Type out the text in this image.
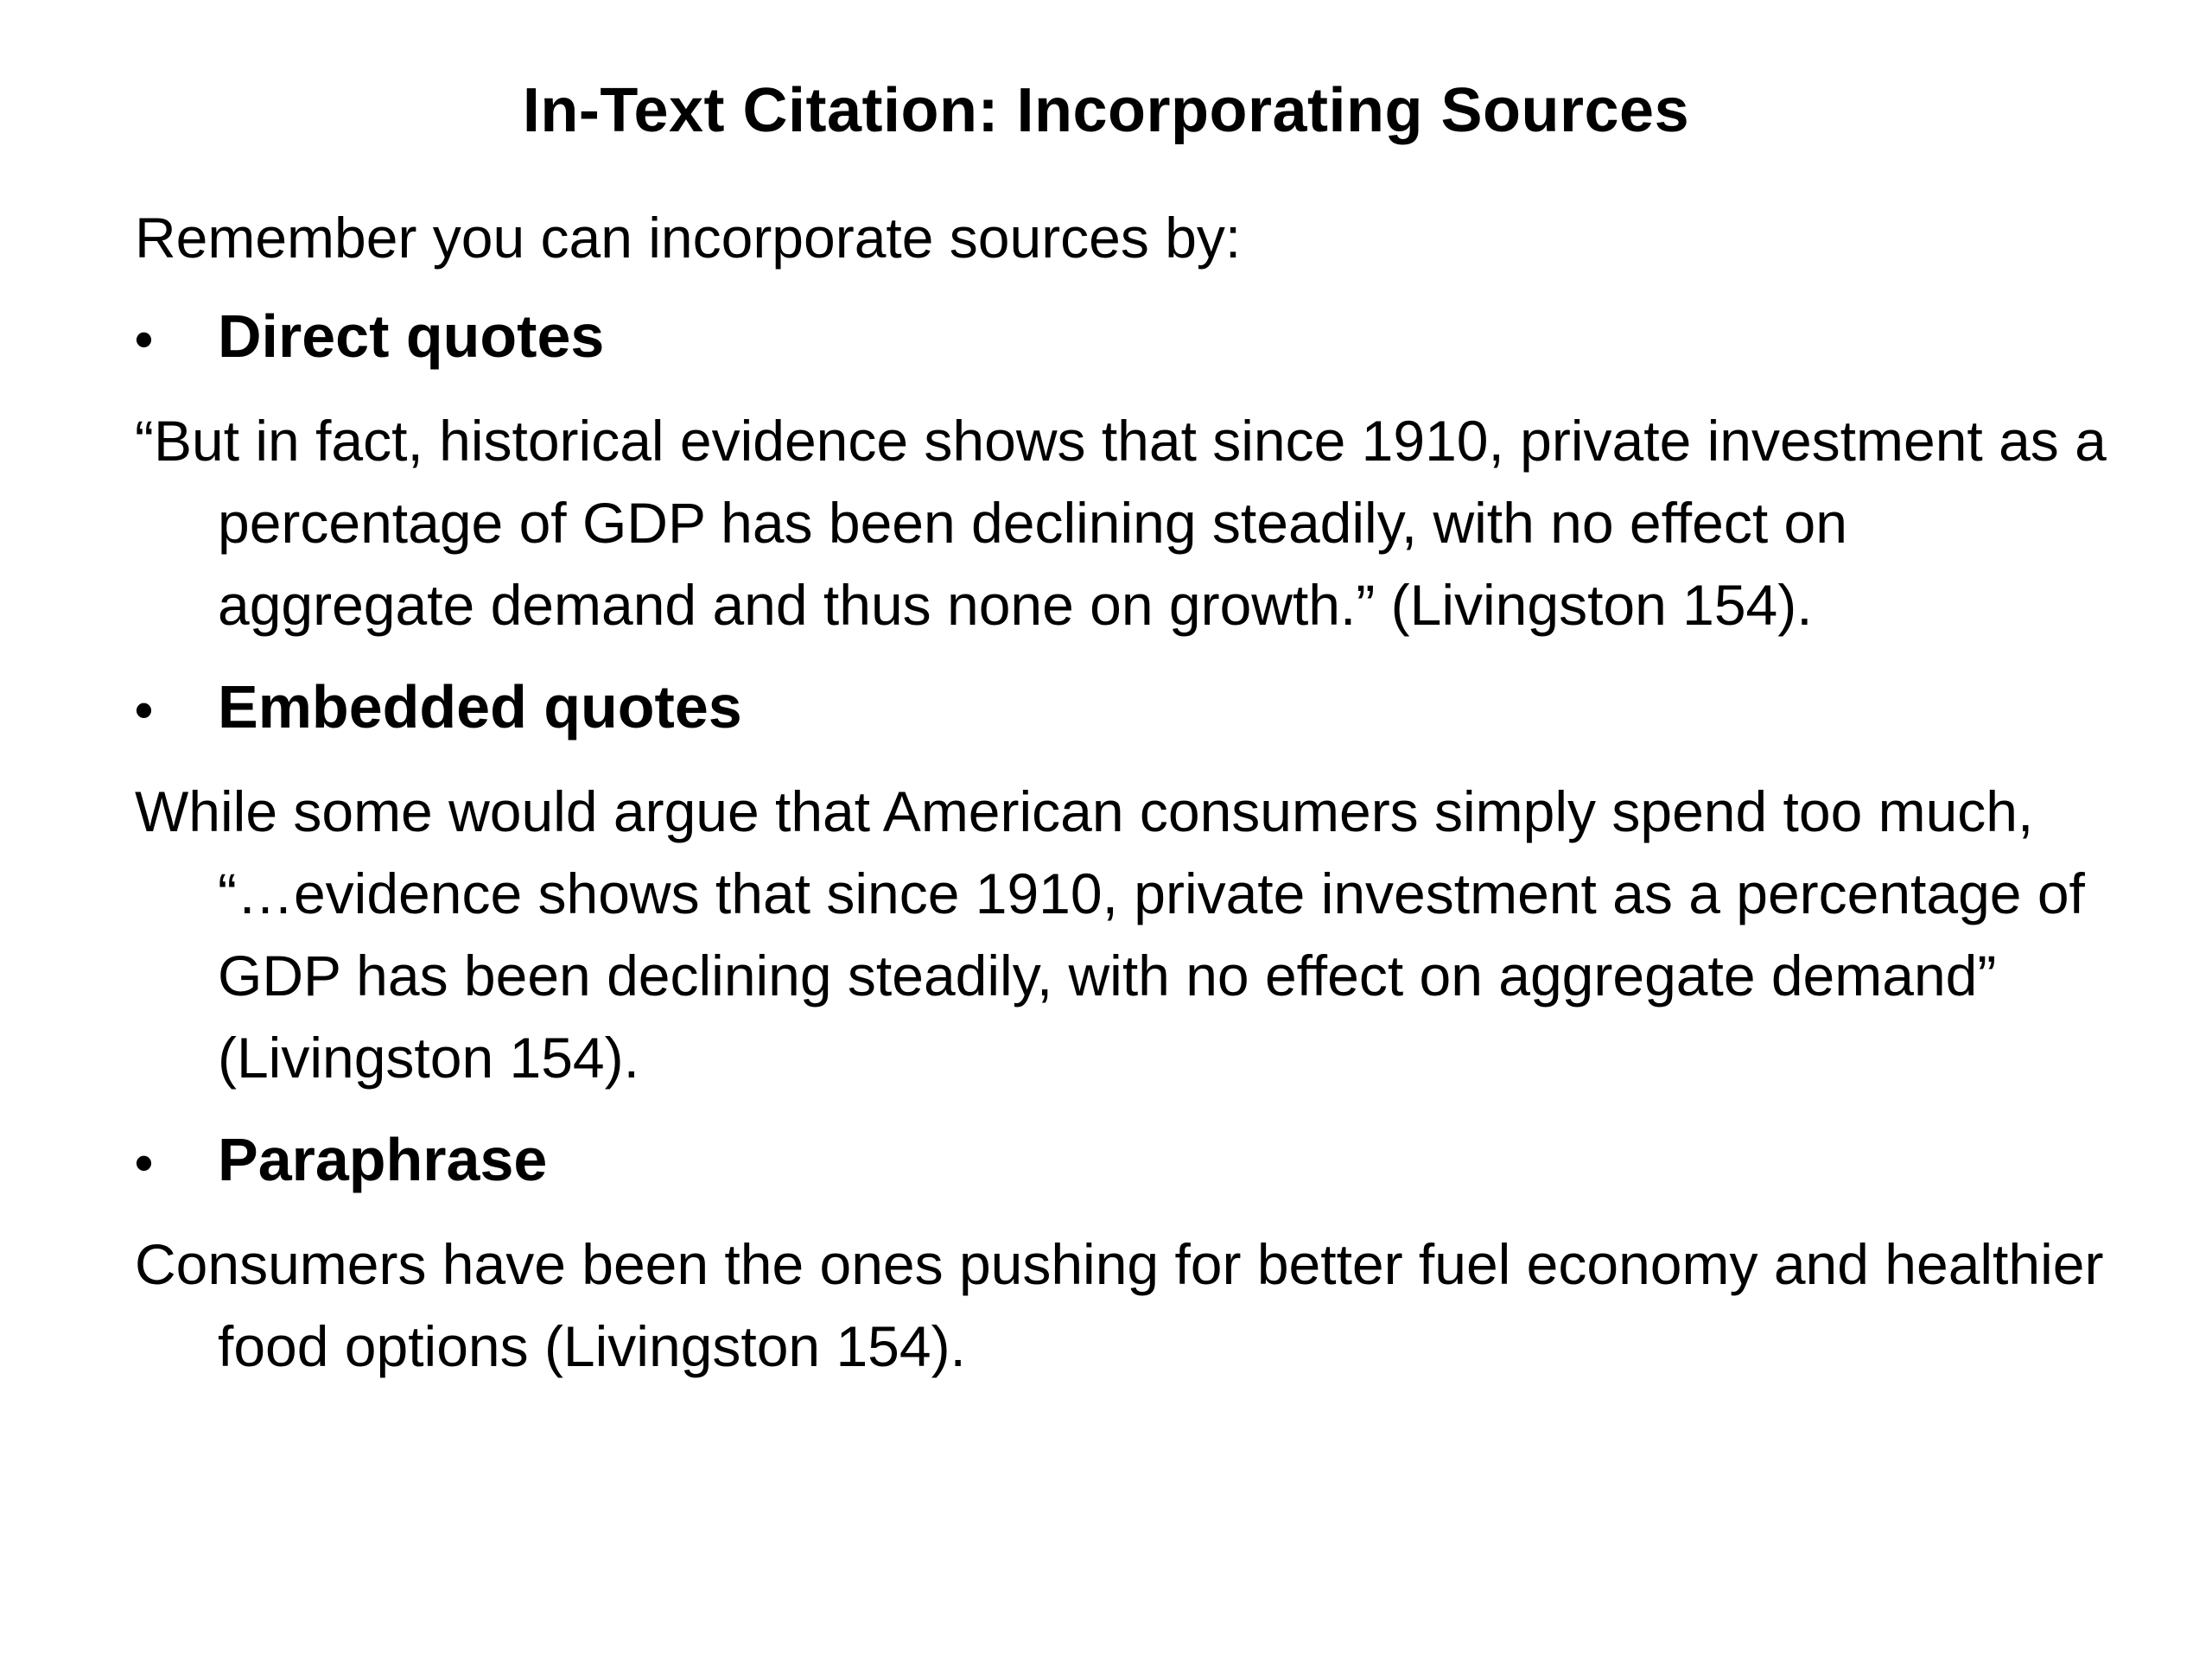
In-Text Citation: Incorporating Sources
Remember you can incorporate sources by:
•	Direct quotes
“But in fact, historical evidence shows that since 1910, private investment as a percentage of GDP has been declining steadily, with no effect on aggregate demand and thus none on growth.” (Livingston 154).
•	Embedded quotes
While some would argue that American consumers simply spend too much, “…evidence shows that since 1910, private investment as a percentage of GDP has been declining steadily, with no effect on aggregate demand” (Livingston 154).
•	Paraphrase
Consumers have been the ones pushing for better fuel economy and healthier food options (Livingston 154).
